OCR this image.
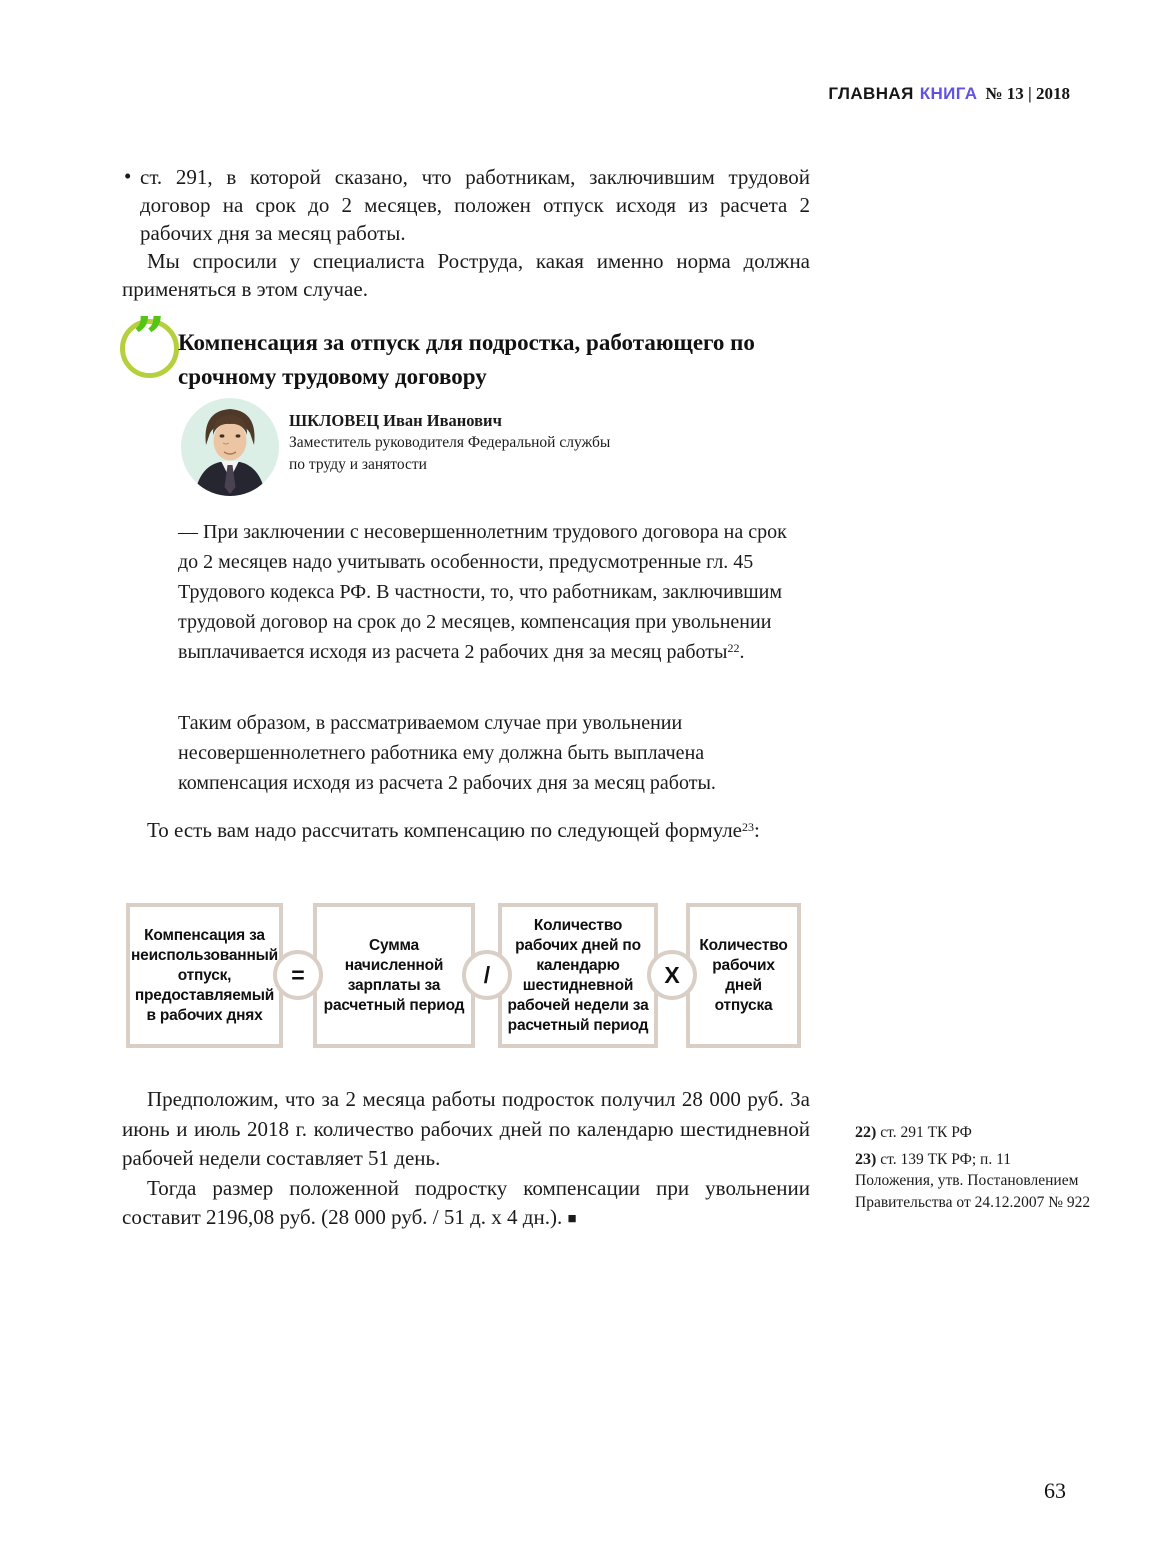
ГЛАВНАЯ КНИГА № 13 | 2018
• ст. 291, в которой сказано, что работникам, заключившим трудовой договор на срок до 2 месяцев, положен отпуск исходя из расчета 2 рабочих дня за месяц работы.

Мы спросили у специалиста Роструда, какая именно норма должна применяться в этом случае.

” Компенсация за отпуск для подростка, работающего по срочному трудовому договору
ШКЛОВЕЦ Иван Иванович
Заместитель руководителя Федеральной службы
по труду и занятости

— При заключении с несовершеннолетним трудового договора на срок до 2 месяцев надо учитывать особенности, предусмотренные гл. 45 Трудового кодекса РФ. В частности, то, что работникам, заключившим трудовой договор на срок до 2 месяцев, компенсация при увольнении выплачивается исходя из расчета 2 рабочих дня за месяц работы$^{22}$.

Таким образом, в рассматриваемом случае при увольнении несовершеннолетнего работника ему должна быть выплачена компенсация исходя из расчета 2 рабочих дня за месяц работы.

То есть вам надо рассчитать компенсацию по следующей формуле$^{23}$:

Компенсация за неиспользованный отпуск, предоставляемый в рабочих днях
=
Сумма начисленной зарплаты за расчетный период
/
Количество рабочих дней по календарю шестидневной рабочей недели за расчетный период
X
Количество рабочих дней отпуска

Предположим, что за 2 месяца работы подросток получил 28 000 руб. За июнь и июль 2018 г. количество рабочих дней по календарю шестидневной рабочей недели составляет 51 день.

Тогда размер положенной подростку компенсации при увольнении составит 2196,08 руб. (28 000 руб. / 51 д. х 4 дн.). ■

22) ст. 291 ТК РФ

23) ст. 139 ТК РФ; п. 11 Положения, утв. Постановлением Правительства от 24.12.2007 № 922

63
